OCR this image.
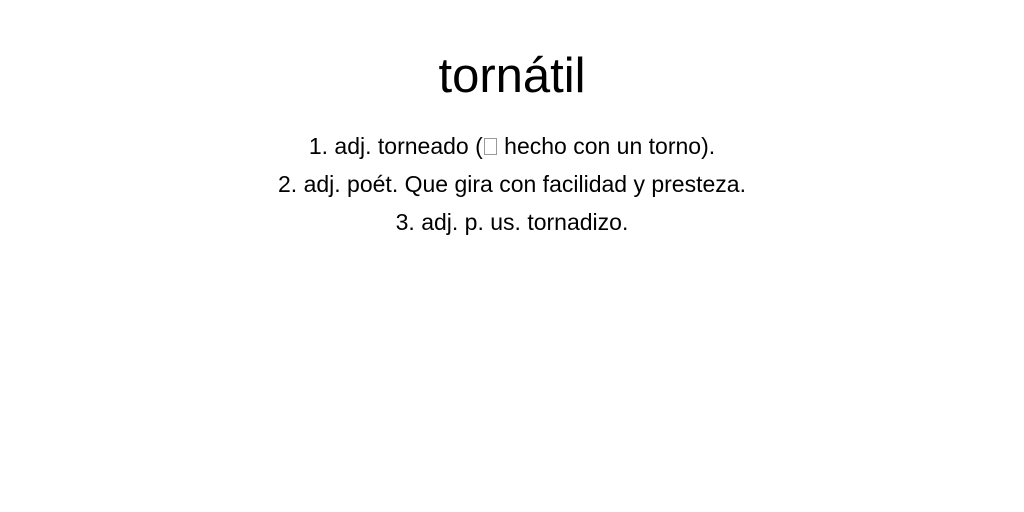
tornátil
1. adj. torneado ( hecho con un torno).
2. adj. poét. Que gira con facilidad y presteza.
3. adj. p. us. tornadizo.
